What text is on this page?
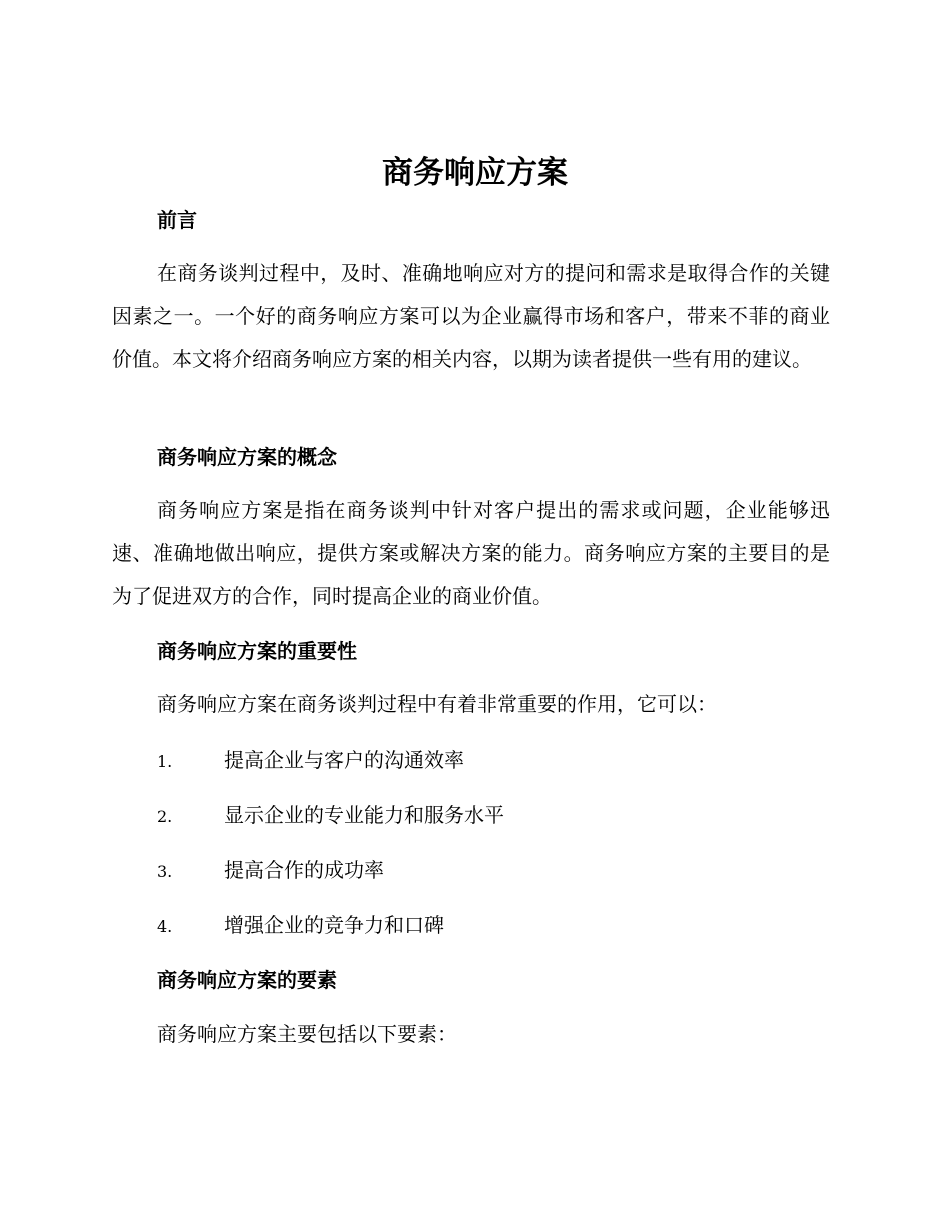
商务响应方案
前言

在商务谈判过程中，及时、准确地响应对方的提问和需求是取得合作的关键因素之一。一个好的商务响应方案可以为企业赢得市场和客户，带来不菲的商业价值。本文将介绍商务响应方案的相关内容，以期为读者提供一些有用的建议。

商务响应方案的概念

商务响应方案是指在商务谈判中针对客户提出的需求或问题，企业能够迅速、准确地做出响应，提供方案或解决方案的能力。商务响应方案的主要目的是为了促进双方的合作，同时提高企业的商业价值。

商务响应方案的重要性

商务响应方案在商务谈判过程中有着非常重要的作用，它可以：

1.	提高企业与客户的沟通效率
2.	显示企业的专业能力和服务水平
3.	提高合作的成功率
4.	增强企业的竞争力和口碑
商务响应方案的要素

商务响应方案主要包括以下要素：
